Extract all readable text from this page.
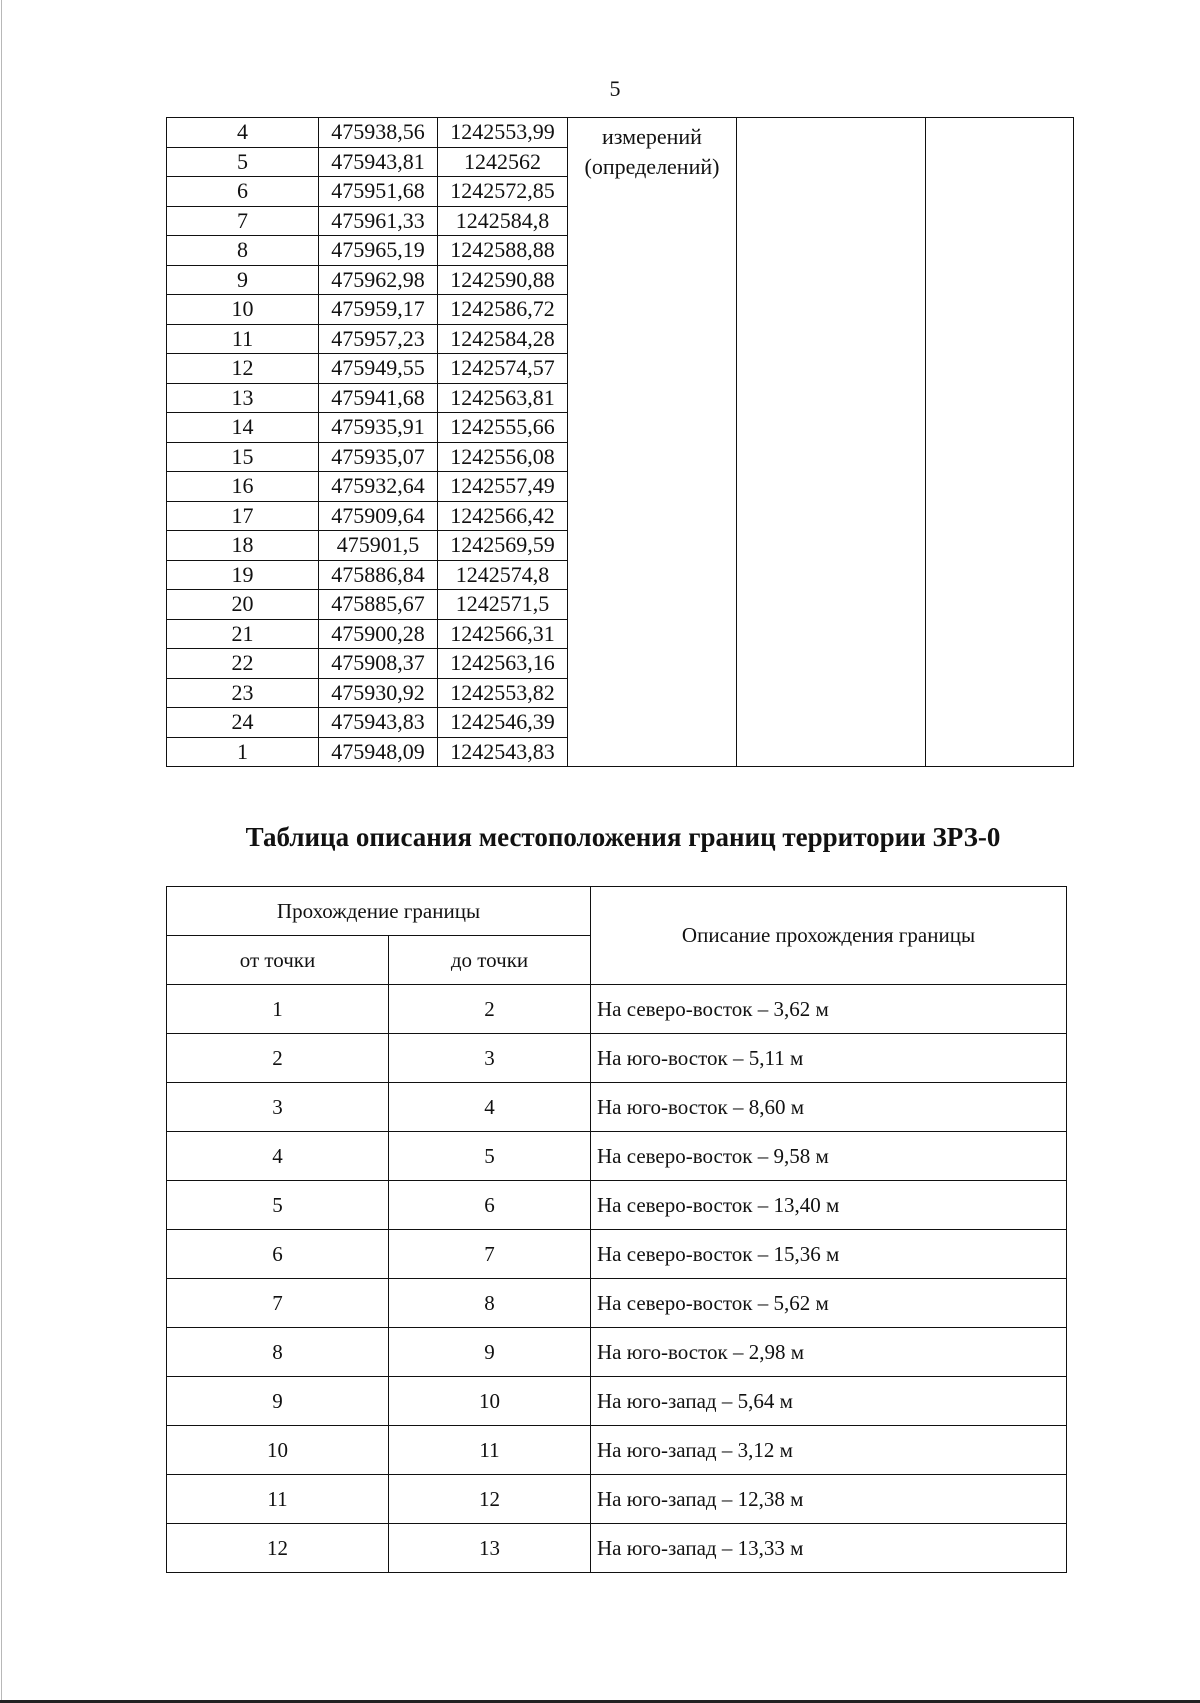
5
4	475938,56	1242553,99	измерений
(определений)		

5	475943,81	1242562			
6	475951,68	1242572,85			
7	475961,33	1242584,8			
8	475965,19	1242588,88			
9	475962,98	1242590,88			
10	475959,17	1242586,72			
11	475957,23	1242584,28			
12	475949,55	1242574,57			
13	475941,68	1242563,81			
14	475935,91	1242555,66			
15	475935,07	1242556,08			
16	475932,64	1242557,49			
17	475909,64	1242566,42			
18	475901,5	1242569,59			
19	475886,84	1242574,8			
20	475885,67	1242571,5			
21	475900,28	1242566,31			
22	475908,37	1242563,16			
23	475930,92	1242553,82			
24	475943,83	1242546,39			
1	475948,09	1242543,83			
Таблица описания местоположения границ территории ЗРЗ-0
Прохождение границы		Описание прохождения границы
от точки	до точки	
1	2	На северо-восток – 3,62 м
2	3	На юго-восток – 5,11 м
3	4	На юго-восток – 8,60 м
4	5	На северо-восток – 9,58 м
5	6	На северо-восток – 13,40 м
6	7	На северо-восток – 15,36 м
7	8	На северо-восток – 5,62 м
8	9	На юго-восток – 2,98 м
9	10	На юго-запад – 5,64 м
10	11	На юго-запад – 3,12 м
11	12	На юго-запад – 12,38 м
12	13	На юго-запад – 13,33 м
